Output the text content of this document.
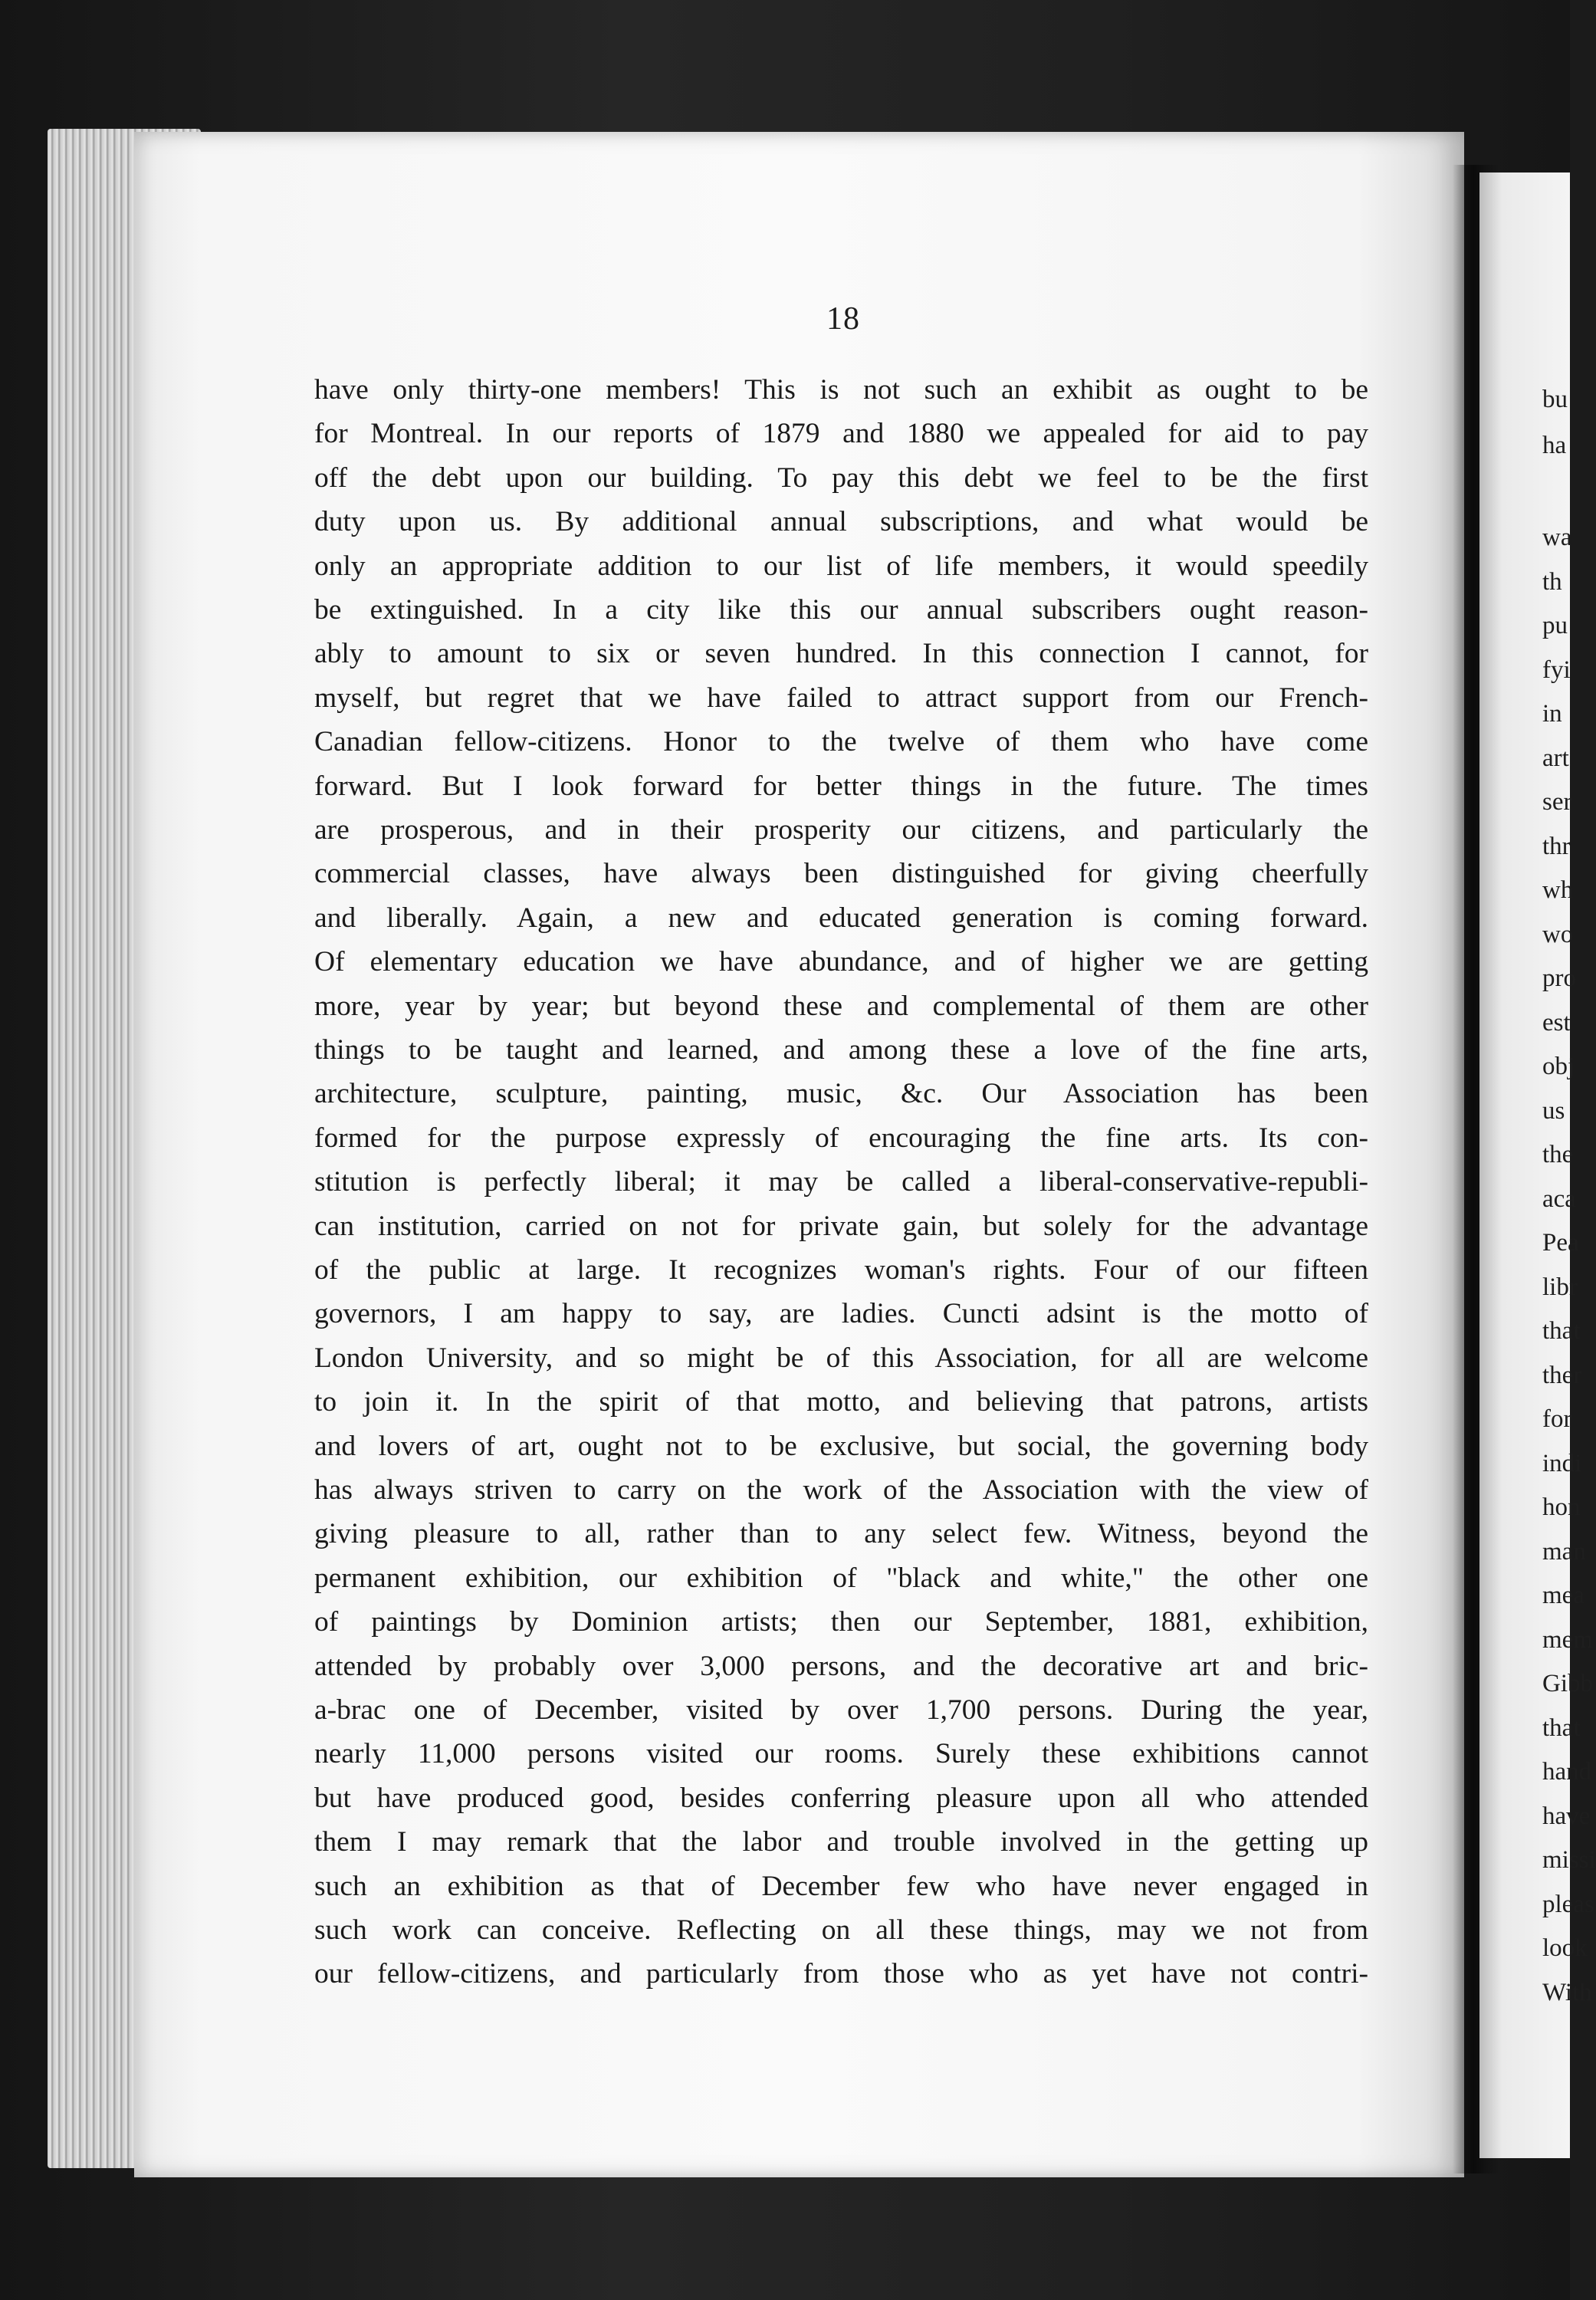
18
have only thirty-one members! This is not such an exhibit as ought to be
for Montreal. In our reports of 1879 and 1880 we appealed for aid to pay
off the debt upon our building. To pay this debt we feel to be the first
duty upon us. By additional annual subscriptions, and what would be
only an appropriate addition to our list of life members, it would speedily
be extinguished. In a city like this our annual subscribers ought reason-
ably to amount to six or seven hundred. In this connection I cannot, for
myself, but regret that we have failed to attract support from our French-
Canadian fellow-citizens. Honor to the twelve of them who have come
forward. But I look forward for better things in the future. The times
are prosperous, and in their prosperity our citizens, and particularly the
commercial classes, have always been distinguished for giving cheerfully
and liberally. Again, a new and educated generation is coming forward.
Of elementary education we have abundance, and of higher we are getting
more, year by year; but beyond these and complemental of them are other
things to be taught and learned, and among these a love of the fine arts,
architecture, sculpture, painting, music, &c. Our Association has been
formed for the purpose expressly of encouraging the fine arts. Its con-
stitution is perfectly liberal; it may be called a liberal-conservative-republi-
can institution, carried on not for private gain, but solely for the advantage
of the public at large. It recognizes woman's rights. Four of our fifteen
governors, I am happy to say, are ladies. Cuncti adsint is the motto of
London University, and so might be of this Association, for all are welcome
to join it. In the spirit of that motto, and believing that patrons, artists
and lovers of art, ought not to be exclusive, but social, the governing body
has always striven to carry on the work of the Association with the view of
giving pleasure to all, rather than to any select few. Witness, beyond the
permanent exhibition, our exhibition of "black and white," the other one
of paintings by Dominion artists; then our September, 1881, exhibition,
attended by probably over 3,000 persons, and the decorative art and bric-
a-brac one of December, visited by over 1,700 persons. During the year,
nearly 11,000 persons visited our rooms. Surely these exhibitions cannot
but have produced good, besides conferring pleasure upon all who attended
them I may remark that the labor and trouble involved in the getting up
such an exhibition as that of December few who have never engaged in
such work can conceive. Reflecting on all these things, may we not from
our fellow-citizens, and particularly from those who as yet have not contri-
bu
ha
wa
th
pu
fyi
in
art
ser
thr
wh
wo
pro
est
obj
us
the
aca
Pea
libr
that
ther
for
indi
hon
man
mea
mem
Gibb
that
hand
have
missi
pleas
look
With
